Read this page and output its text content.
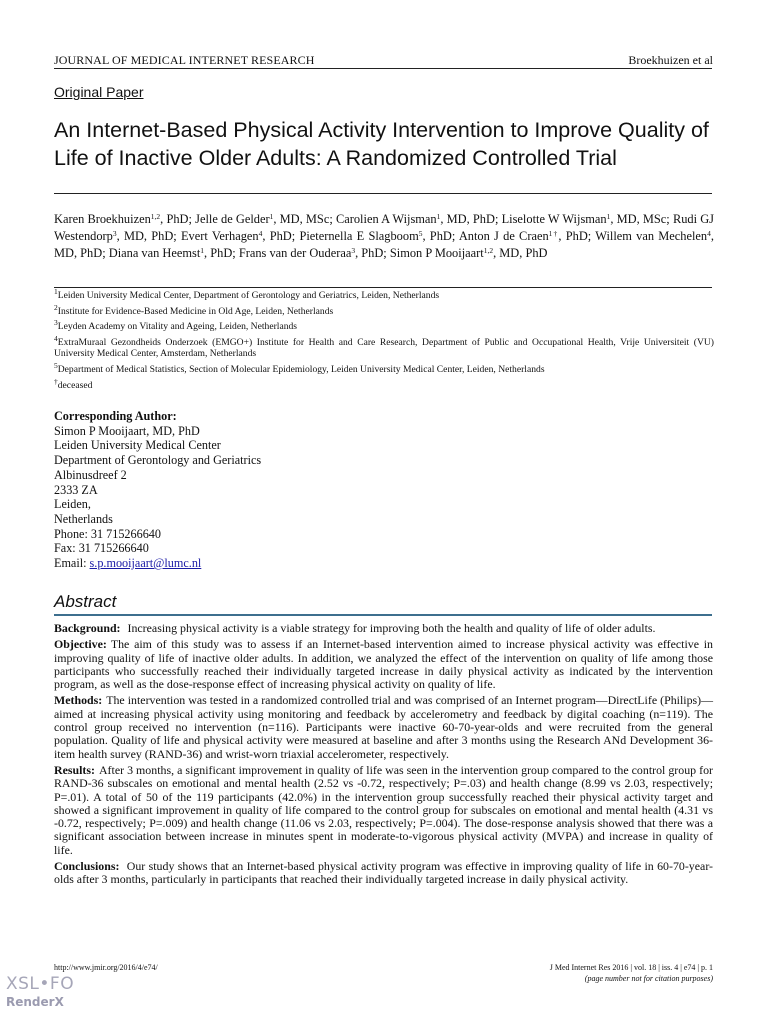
JOURNAL OF MEDICAL INTERNET RESEARCH	Broekhuizen et al
Original Paper
An Internet-Based Physical Activity Intervention to Improve Quality of Life of Inactive Older Adults: A Randomized Controlled Trial
Karen Broekhuizen$^{1,2}$, PhD; Jelle de Gelder$^1$, MD, MSc; Carolien A Wijsman$^1$, MD, PhD; Liselotte W Wijsman$^1$, MD, MSc; Rudi GJ Westendorp$^3$, MD, PhD; Evert Verhagen$^4$, PhD; Pieternella E Slagboom$^5$, PhD; Anton J de Craen$^{1\dagger}$, PhD; Willem van Mechelen$^4$, MD, PhD; Diana van Heemst$^1$, PhD; Frans van der Ouderaa$^3$, PhD; Simon P Mooijaart$^{1,2}$, MD, PhD
$^1$Leiden University Medical Center, Department of Gerontology and Geriatrics, Leiden, Netherlands
$^2$Institute for Evidence-Based Medicine in Old Age, Leiden, Netherlands
$^3$Leyden Academy on Vitality and Ageing, Leiden, Netherlands
$^4$ExtraMuraal Gezondheids Onderzoek (EMGO+) Institute for Health and Care Research, Department of Public and Occupational Health, Vrije Universiteit (VU) University Medical Center, Amsterdam, Netherlands
$^5$Department of Medical Statistics, Section of Molecular Epidemiology, Leiden University Medical Center, Leiden, Netherlands
†deceased
Corresponding Author:
Simon P Mooijaart, MD, PhD
Leiden University Medical Center
Department of Gerontology and Geriatrics
Albinusdreef 2
2333 ZA
Leiden,
Netherlands
Phone: 31 715266640
Fax: 31 715266640
Email: s.p.mooijaart@lumc.nl
Abstract

Background: Increasing physical activity is a viable strategy for improving both the health and quality of life of older adults.

Objective: The aim of this study was to assess if an Internet-based intervention aimed to increase physical activity was effective in improving quality of life of inactive older adults. In addition, we analyzed the effect of the intervention on quality of life among those participants who successfully reached their individually targeted increase in daily physical activity as indicated by the intervention program, as well as the dose-response effect of increasing physical activity on quality of life.

Methods: The intervention was tested in a randomized controlled trial and was comprised of an Internet program—DirectLife (Philips)—aimed at increasing physical activity using monitoring and feedback by accelerometry and feedback by digital coaching (n=119). The control group received no intervention (n=116). Participants were inactive 60-70-year-olds and were recruited from the general population. Quality of life and physical activity were measured at baseline and after 3 months using the Research ANd Development 36-item health survey (RAND-36) and wrist-worn triaxial accelerometer, respectively.

Results: After 3 months, a significant improvement in quality of life was seen in the intervention group compared to the control group for RAND-36 subscales on emotional and mental health (2.52 vs -0.72, respectively; P=.03) and health change (8.99 vs 2.03, respectively; P=.01). A total of 50 of the 119 participants (42.0%) in the intervention group successfully reached their physical activity target and showed a significant improvement in quality of life compared to the control group for subscales on emotional and mental health (4.31 vs -0.72, respectively; P=.009) and health change (11.06 vs 2.03, respectively; P=.004). The dose-response analysis showed that there was a significant association between increase in minutes spent in moderate-to-vigorous physical activity (MVPA) and increase in quality of life.

Conclusions: Our study shows that an Internet-based physical activity program was effective in improving quality of life in 60-70-year-olds after 3 months, particularly in participants that reached their individually targeted increase in daily physical activity.

http://www.jmir.org/2016/4/e74/	J Med Internet Res 2016 | vol. 18 | iss. 4 | e74 | p. 1
(page number not for citation purposes)
XSL•FO
RenderX
